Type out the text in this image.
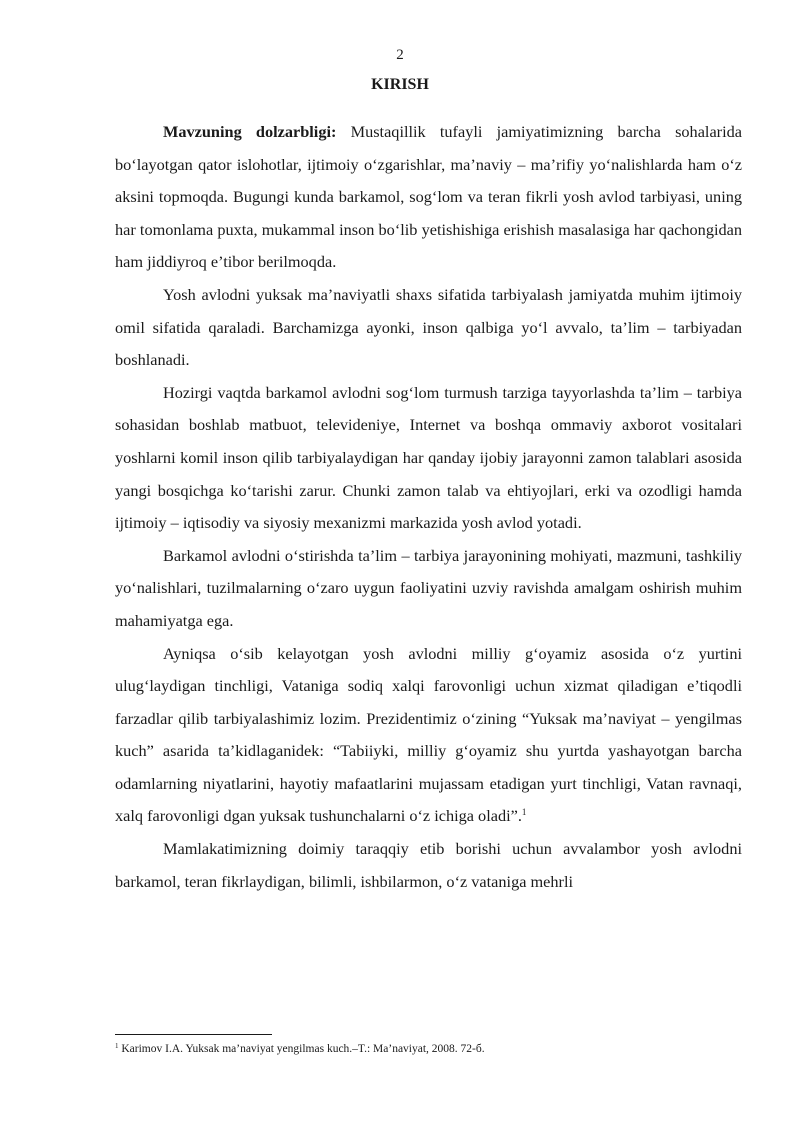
2
KIRISH

Mavzuning dolzarbligi: Mustaqillik tufayli jamiyatimizning barcha sohalarida bo‘layotgan qator islohotlar, ijtimoiy o‘zgarishlar, ma’naviy – ma’rifiy yo‘nalishlarda ham o‘z aksini topmoqda. Bugungi kunda barkamol, sog‘lom va teran fikrli yosh avlod tarbiyasi, uning har tomonlama puxta, mukammal inson bo‘lib yetishishiga erishish masalasiga har qachongidan ham jiddiyroq e’tibor berilmoqda.

Yosh avlodni yuksak ma’naviyatli shaxs sifatida tarbiyalash jamiyatda muhim ijtimoiy omil sifatida qaraladi. Barchamizga ayonki, inson qalbiga yo‘l avvalo, ta’lim – tarbiyadan boshlanadi.

Hozirgi vaqtda barkamol avlodni sog‘lom turmush tarziga tayyorlashda ta’lim – tarbiya sohasidan boshlab matbuot, televideniye, Internet va boshqa ommaviy axborot vositalari yoshlarni komil inson qilib tarbiyalaydigan har qanday ijobiy jarayonni zamon talablari asosida yangi bosqichga ko‘tarishi zarur. Chunki zamon talab va ehtiyojlari, erki va ozodligi hamda ijtimoiy – iqtisodiy va siyosiy mexanizmi markazida yosh avlod yotadi.

Barkamol avlodni o‘stirishda ta’lim – tarbiya jarayonining mohiyati, mazmuni, tashkiliy yo‘nalishlari, tuzilmalarning o‘zaro uygun faoliyatini uzviy ravishda amalgam oshirish muhim mahamiyatga ega.

Ayniqsa o‘sib kelayotgan yosh avlodni milliy g‘oyamiz asosida o‘z yurtini ulug‘laydigan tinchligi, Vataniga sodiq xalqi farovonligi uchun xizmat qiladigan e’tiqodli farzadlar qilib tarbiyalashimiz lozim. Prezidentimiz o‘zining “Yuksak ma’naviyat – yengilmas kuch” asarida ta’kidlaganidek: “Tabiiyki, milliy g‘oyamiz shu yurtda yashayotgan barcha odamlarning niyatlarini, hayotiy mafaatlarini mujassam etadigan yurt tinchligi, Vatan ravnaqi, xalq farovonligi dgan yuksak tushunchalarni o‘z ichiga oladi”.$^1$

Mamlakatimizning doimiy taraqqiy etib borishi uchun avvalambor yosh avlodni barkamol, teran fikrlaydigan, bilimli, ishbilarmon, o‘z vataniga mehrli

$^1$ Karimov I.A. Yuksak ma’naviyat yengilmas kuch.–T.: Ma’naviyat, 2008. 72-б.
